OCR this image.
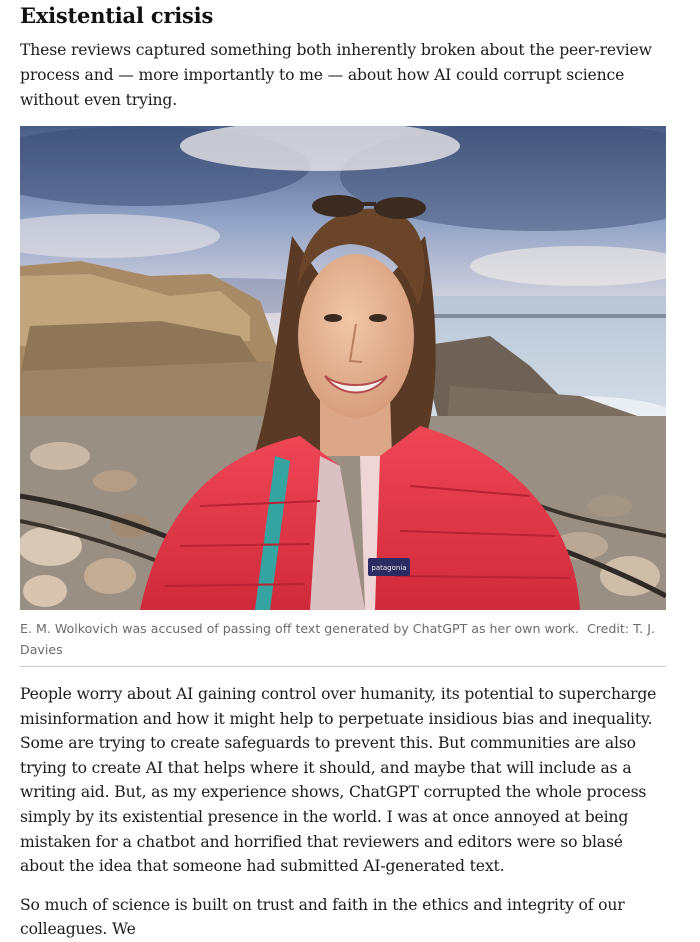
Existential crisis

These reviews captured something both inherently broken about the peer-review process and — more importantly to me — about how AI could corrupt science without even trying.

patagonia
E. M. Wolkovich was accused of passing off text generated by ChatGPT as her own work. Credit: T. J. Davies

People worry about AI gaining control over humanity, its potential to supercharge misinformation and how it might help to perpetuate insidious bias and inequality. Some are trying to create safeguards to prevent this. But communities are also trying to create AI that helps where it should, and maybe that will include as a writing aid. But, as my experience shows, ChatGPT corrupted the whole process simply by its existential presence in the world. I was at once annoyed at being mistaken for a chatbot and horrified that reviewers and editors were so blasé about the idea that someone had submitted AI-generated text.

So much of science is built on trust and faith in the ethics and integrity of our colleagues. We
